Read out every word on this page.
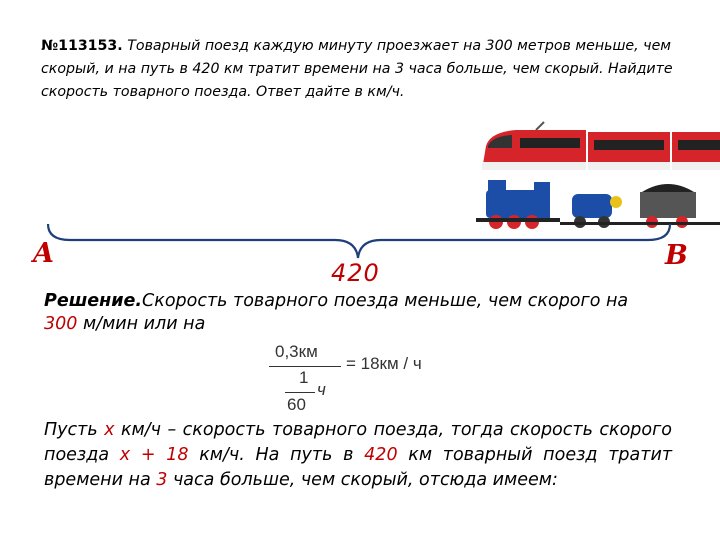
№113153. Товарный поезд каждую минуту проезжает на 300 метров меньше, чем скорый, и на путь в 420 км тратит времени на 3 часа больше, чем скорый. Найдите скорость товарного поезда. Ответ дайте в км/ч.
A	B
420
Решение.Скорость товарного поезда меньше, чем скорого на
300 м/мин или на
0,3км
1
ч
60
= 18км / ч
Пусть x км/ч – скорость товарного поезда, тогда скорость скорого поезда x + 18 км/ч. На путь в 420 км товарный поезд тратит времени на 3 часа больше, чем скорый, отсюда имеем:
